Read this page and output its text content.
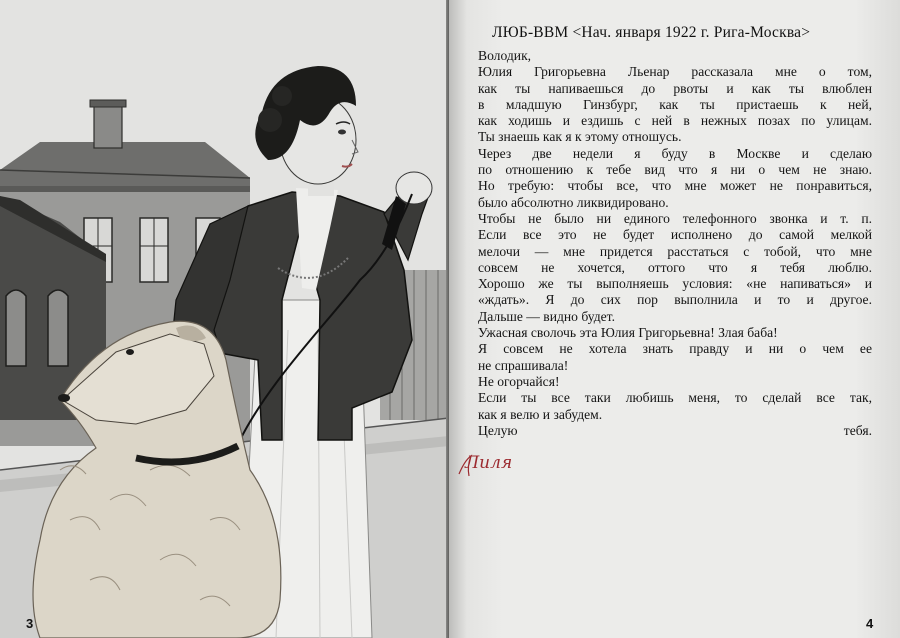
3
ЛЮБ-ВВМ <Нач. января 1922 г. Рига-Москва>
Володик,
Юлия Григорьевна Льенар рассказала мне о том,
как ты напиваешься до рвоты и как ты влюблен
в младшую Гинзбург, как ты пристаешь к ней,
как ходишь и ездишь с ней в нежных позах по улицам.
Ты знаешь как я к этому отношусь.
Через две недели я буду в Москве и сделаю
по отношению к тебе вид что я ни о чем не знаю.
Но требую: чтобы все, что мне может не понравиться,
было абсолютно ликвидировано.
Чтобы не было ни единого телефонного звонка и т. п.
Если все это не будет исполнено до самой мелкой
мелочи — мне придется расстаться с тобой, что мне
совсем не хочется, оттого что я тебя люблю.
Хорошо же ты выполняешь условия: «не напиваться» и
«ждать». Я до сих пор выполнила и то и другое.
Дальше — видно будет.
Ужасная сволочь эта Юлия Григорьевна! Злая баба!
Я совсем не хотела знать правду и ни о чем ее
не спрашивала!
Не огорчайся!
Если ты все таки любишь меня, то сделай все так,
как я велю и забудем.
Целую тебя.
Лиля
4
